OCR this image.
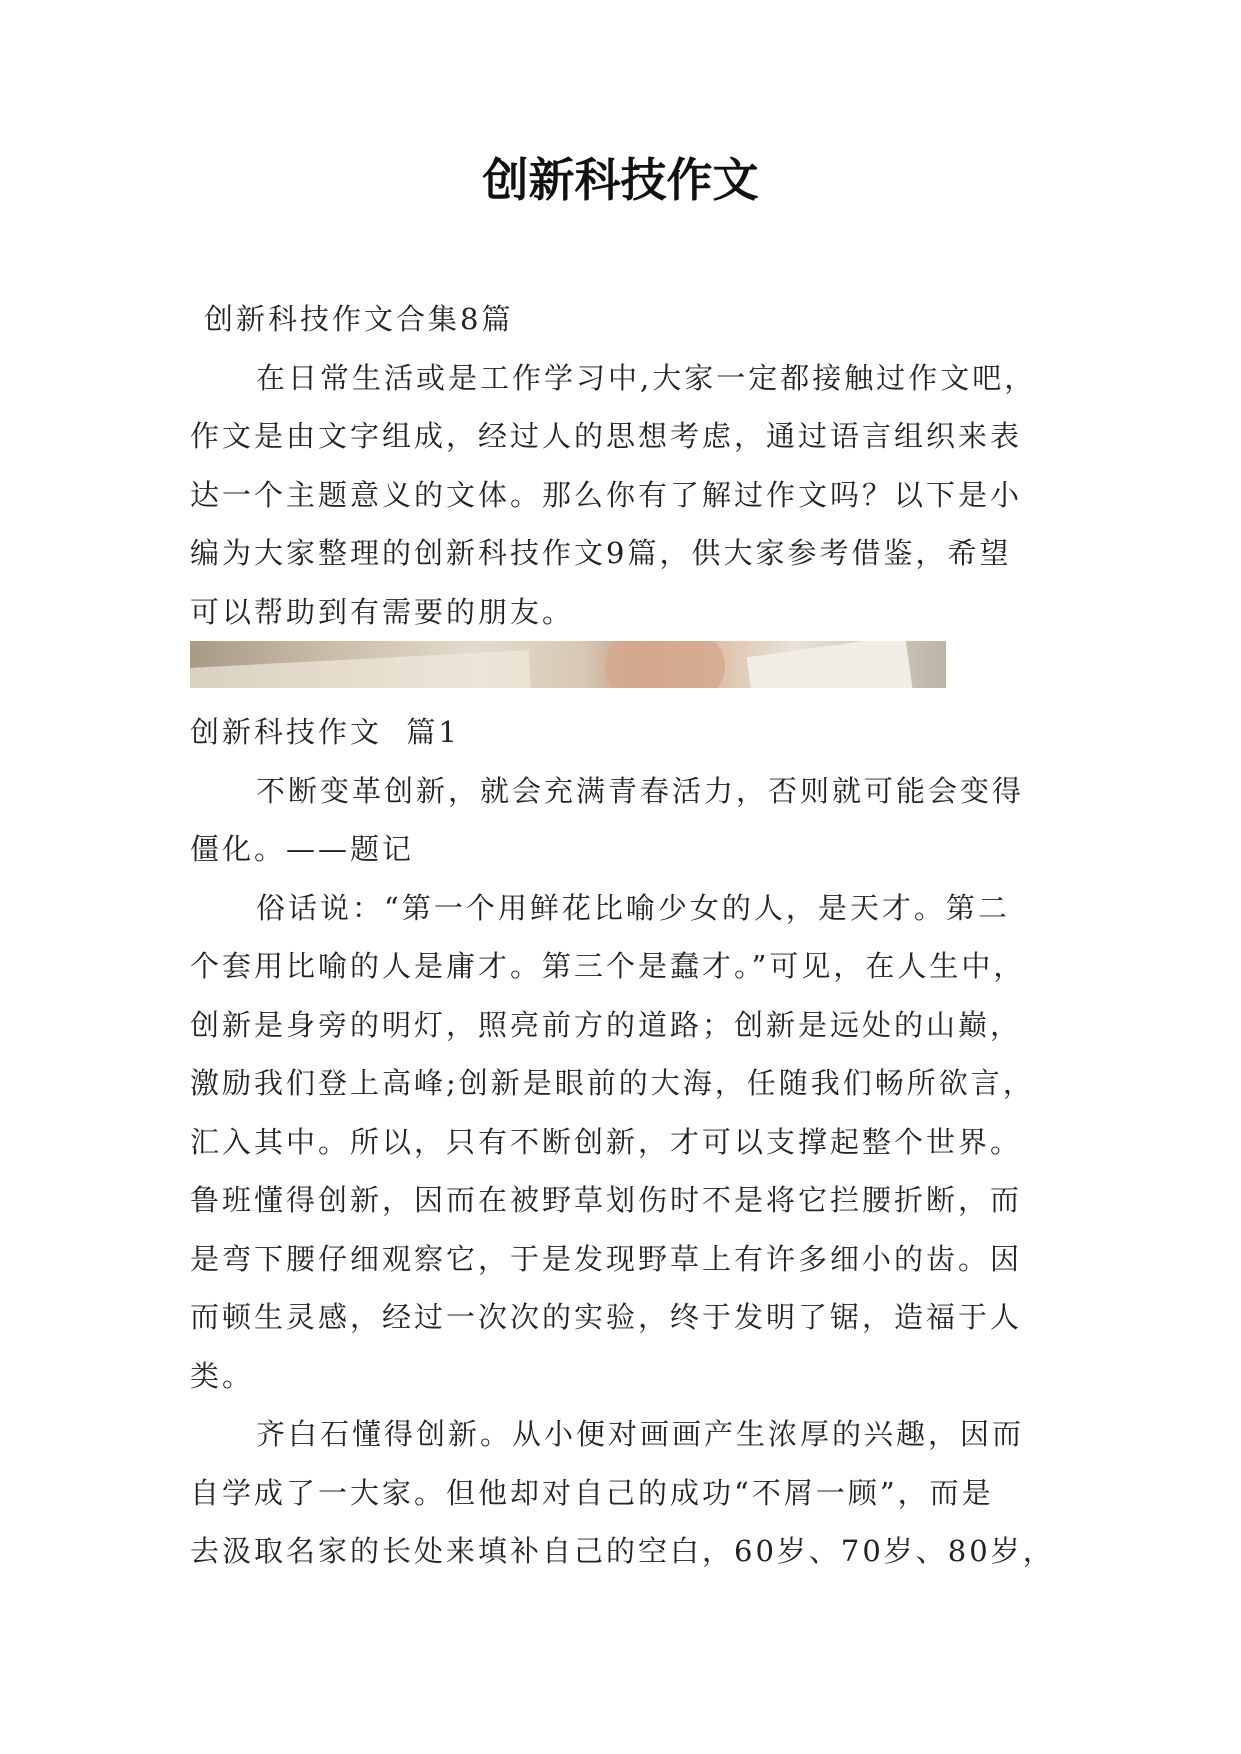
创新科技作文

创新科技作文合集8篇

在日常生活或是工作学习中,大家一定都接触过作文吧，
作文是由文字组成，经过人的思想考虑，通过语言组织来表
达一个主题意义的文体。那么你有了解过作文吗？以下是小
编为大家整理的创新科技作文9篇，供大家参考借鉴，希望
可以帮助到有需要的朋友。

创新科技作文  篇1

不断变革创新，就会充满青春活力，否则就可能会变得
僵化。——题记

俗话说：“第一个用鲜花比喻少女的人，是天才。第二
个套用比喻的人是庸才。第三个是蠢才。”可见，在人生中，
创新是身旁的明灯，照亮前方的道路；创新是远处的山巅，
激励我们登上高峰;创新是眼前的大海，任随我们畅所欲言，
汇入其中。所以，只有不断创新，才可以支撑起整个世界。
鲁班懂得创新，因而在被野草划伤时不是将它拦腰折断，而
是弯下腰仔细观察它，于是发现野草上有许多细小的齿。因
而顿生灵感，经过一次次的实验，终于发明了锯，造福于人
类。

齐白石懂得创新。从小便对画画产生浓厚的兴趣，因而
自学成了一大家。但他却对自己的成功“不屑一顾”，而是
去汲取名家的长处来填补自己的空白，60岁、70岁、80岁，
